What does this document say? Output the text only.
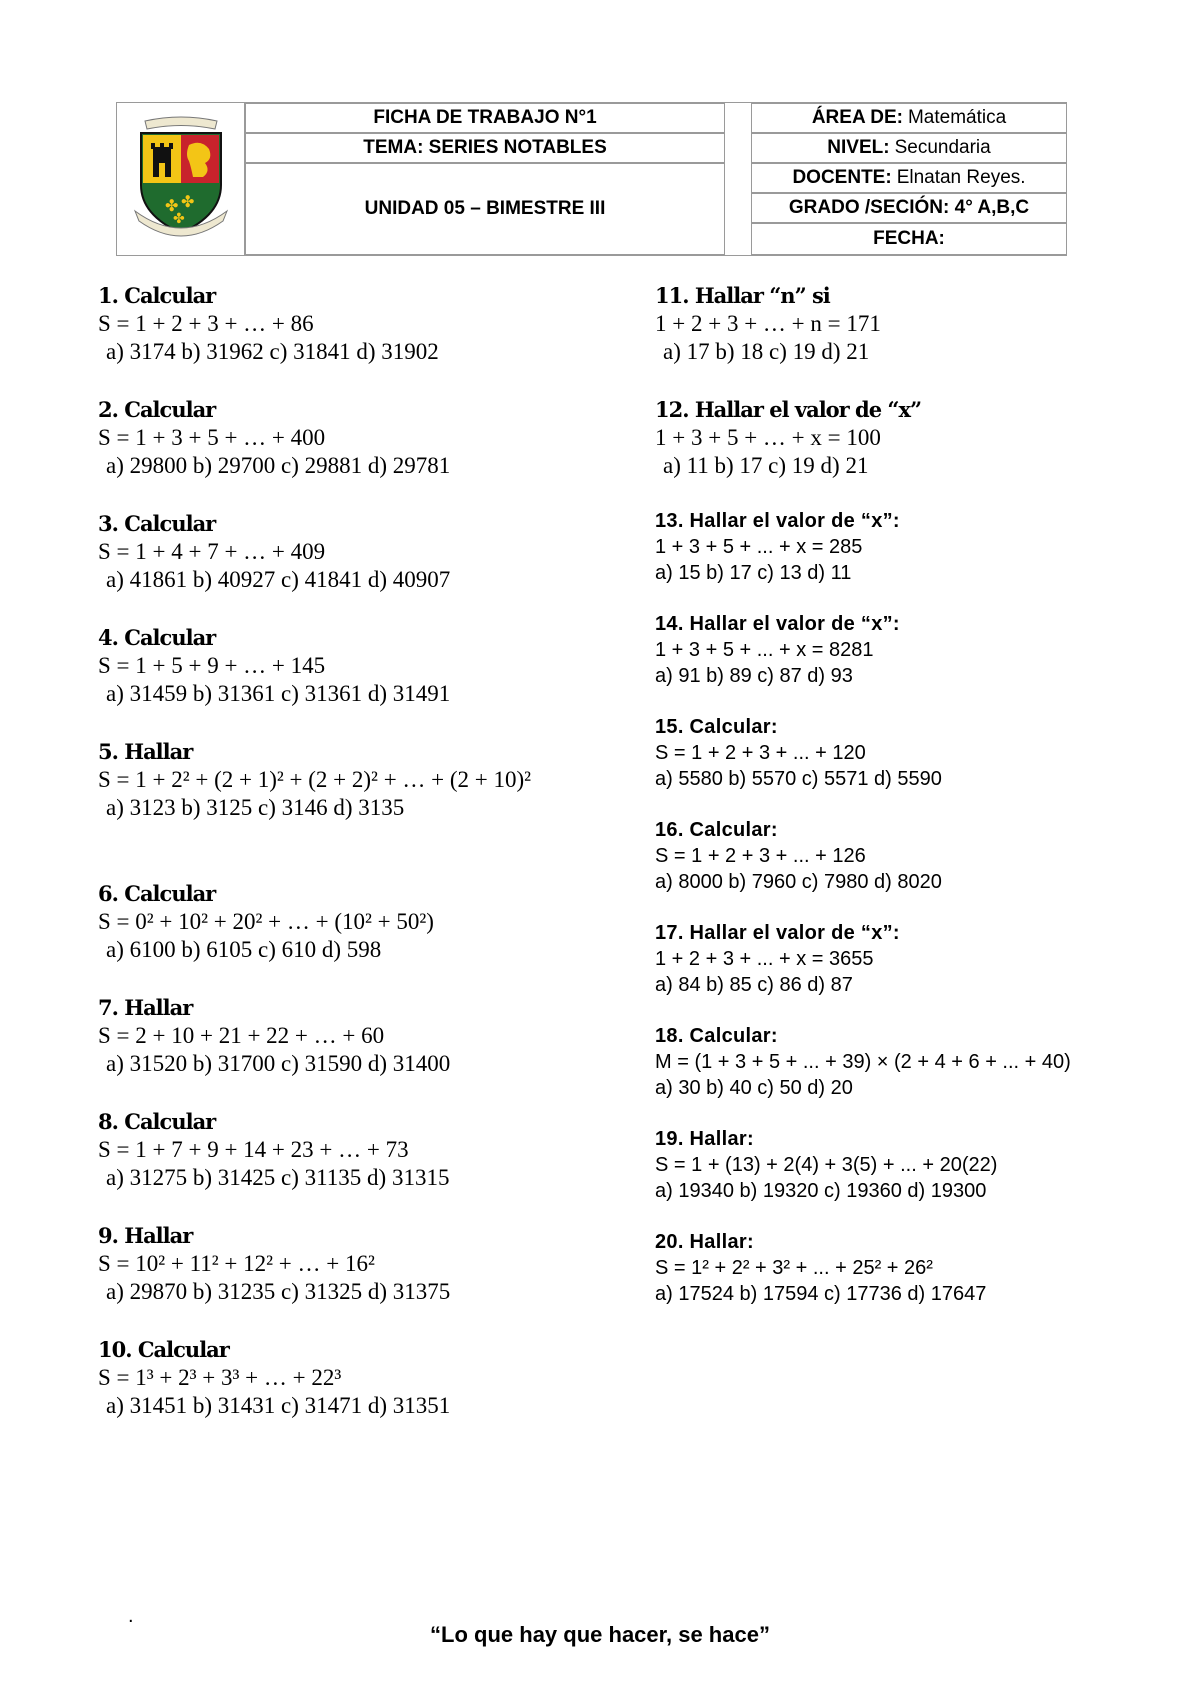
✤ ✤
✤
FICHA DE TRABAJO N°1
TEMA: SERIES NOTABLES
UNIDAD 05 – BIMESTRE III
ÁREA DE: Matemática
NIVEL: Secundaria
DOCENTE: Elnatan Reyes.
GRADO /SECIÓN: 4° A,B,C
FECHA:
1. Calcular
S = 1 + 2 + 3 + … + 86
a) 3174 b) 31962 c) 31841 d) 31902
2. Calcular
S = 1 + 3 + 5 + … + 400
a) 29800 b) 29700 c) 29881 d) 29781
3. Calcular
S = 1 + 4 + 7 + … + 409
a) 41861 b) 40927 c) 41841 d) 40907
4. Calcular
S = 1 + 5 + 9 + … + 145
a) 31459 b) 31361 c) 31361 d) 31491
5. Hallar
S = 1 + 2² + (2 + 1)² + (2 + 2)² + … + (2 + 10)²
a) 3123 b) 3125 c) 3146 d) 3135
6. Calcular
S = 0² + 10² + 20² + … + (10² + 50²)
a) 6100 b) 6105 c) 610 d) 598
7. Hallar
S = 2 + 10 + 21 + 22 + … + 60
a) 31520 b) 31700 c) 31590 d) 31400
8. Calcular
S = 1 + 7 + 9 + 14 + 23 + … + 73
a) 31275 b) 31425 c) 31135 d) 31315
9. Hallar
S = 10² + 11² + 12² + … + 16²
a) 29870 b) 31235 c) 31325 d) 31375
10. Calcular
S = 1³ + 2³ + 3³ + … + 22³
a) 31451 b) 31431 c) 31471 d) 31351
11. Hallar “n” si
1 + 2 + 3 + … + n = 171
a) 17 b) 18 c) 19 d) 21
12. Hallar el valor de “x”
1 + 3 + 5 + … + x = 100
a) 11 b) 17 c) 19 d) 21
13. Hallar el valor de “x”:
1 + 3 + 5 + ... + x = 285
a) 15 b) 17 c) 13 d) 11
14. Hallar el valor de “x”:
1 + 3 + 5 + ... + x = 8281
a) 91 b) 89 c) 87 d) 93
15. Calcular:
S = 1 + 2 + 3 + ... + 120
a) 5580 b) 5570 c) 5571 d) 5590
16. Calcular:
S = 1 + 2 + 3 + ... + 126
a) 8000 b) 7960 c) 7980 d) 8020
17. Hallar el valor de “x”:
1 + 2 + 3 + ... + x = 3655
a) 84 b) 85 c) 86 d) 87
18. Calcular:
M = (1 + 3 + 5 + ... + 39) × (2 + 4 + 6 + ... + 40)
a) 30 b) 40 c) 50 d) 20
19. Hallar:
S = 1 + (13) + 2(4) + 3(5) + ... + 20(22)
a) 19340 b) 19320 c) 19360 d) 19300
20. Hallar:
S = 1² + 2² + 3² + ... + 25² + 26²
a) 17524 b) 17594 c) 17736 d) 17647
.
“Lo que hay que hacer, se hace”
